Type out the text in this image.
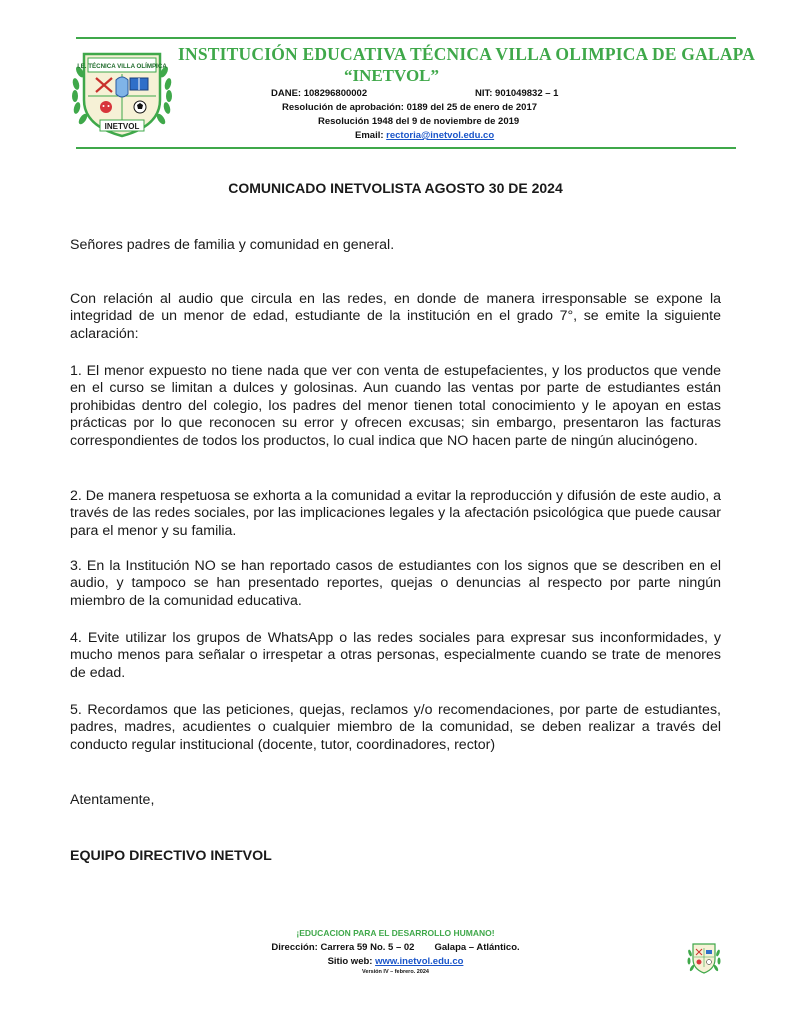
I.E. TÉCNICA VILLA OLÍMPICA
INETVOL
INSTITUCIÓN EDUCATIVA TÉCNICA VILLA OLIMPICA DE GALAPA
“INETVOL”
DANE: 108296800002	NIT: 901049832 – 1
Resolución de aprobación: 0189 del 25 de enero de 2017
Resolución 1948 del 9 de noviembre de 2019
Email: rectoria@inetvol.edu.co
COMUNICADO INETVOLISTA AGOSTO 30 DE 2024
Señores padres de familia y comunidad en general.
Con relación al audio que circula en las redes, en donde de manera irresponsable se expone la integridad de un menor de edad, estudiante de la institución en el grado 7°, se emite la siguiente aclaración:
1. El menor expuesto no tiene nada que ver con venta de estupefacientes, y los productos que vende en el curso se limitan a dulces y golosinas. Aun cuando las ventas por parte de estudiantes están prohibidas dentro del colegio, los padres del menor tienen total conocimiento y le apoyan en estas prácticas por lo que reconocen su error y ofrecen excusas; sin embargo, presentaron las facturas correspondientes de todos los productos, lo cual indica que NO hacen parte de ningún alucinógeno.
2. De manera respetuosa se exhorta a la comunidad a evitar la reproducción y difusión de este audio, a través de las redes sociales, por las implicaciones legales y la afectación psicológica que puede causar para el menor y su familia.
3. En la Institución NO se han reportado casos de estudiantes con los signos que se describen en el audio, y tampoco se han presentado reportes, quejas o denuncias al respecto por parte ningún miembro de la comunidad educativa.
4. Evite utilizar los grupos de WhatsApp o las redes sociales para expresar sus inconformidades, y mucho menos para señalar o irrespetar a otras personas, especialmente cuando se trate de menores de edad.
5. Recordamos que las peticiones, quejas, reclamos y/o recomendaciones, por parte de estudiantes, padres, madres, acudientes o cualquier miembro de la comunidad, se deben realizar a través del conducto regular institucional (docente, tutor, coordinadores, rector)
Atentamente,
EQUIPO DIRECTIVO INETVOL
¡EDUCACION PARA EL DESARROLLO HUMANO!
Dirección: Carrera 59 No. 5 – 02 Galapa – Atlántico.
Sitio web: www.inetvol.edu.co
Versión IV – febrero. 2024
